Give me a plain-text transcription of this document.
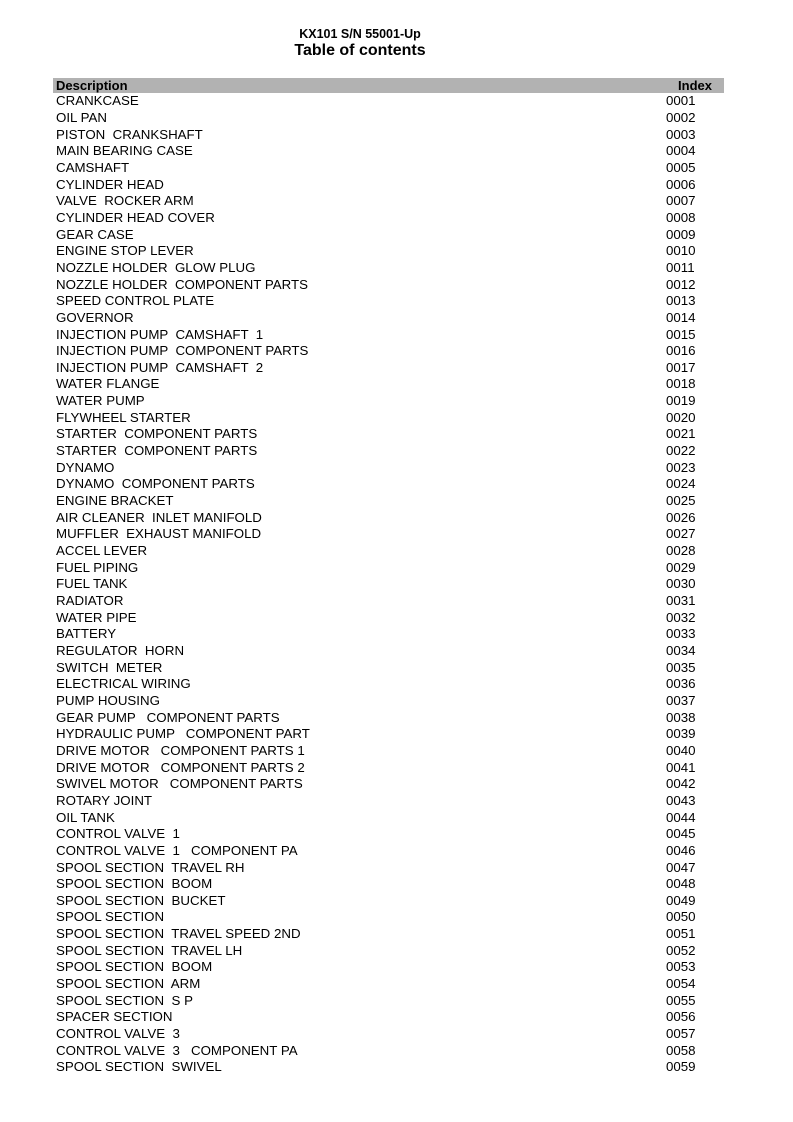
KX101 S/N 55001-Up
Table of contents
Description	Index
CRANKCASE	0001
OIL PAN	0002
PISTON  CRANKSHAFT	0003
MAIN BEARING CASE	0004
CAMSHAFT	0005
CYLINDER HEAD	0006
VALVE  ROCKER ARM	0007
CYLINDER HEAD COVER	0008
GEAR CASE	0009
ENGINE STOP LEVER	0010
NOZZLE HOLDER  GLOW PLUG	0011
NOZZLE HOLDER  COMPONENT PARTS	0012
SPEED CONTROL PLATE	0013
GOVERNOR	0014
INJECTION PUMP  CAMSHAFT  1	0015
INJECTION PUMP  COMPONENT PARTS	0016
INJECTION PUMP  CAMSHAFT  2	0017
WATER FLANGE	0018
WATER PUMP	0019
FLYWHEEL STARTER	0020
STARTER  COMPONENT PARTS	0021
STARTER  COMPONENT PARTS	0022
DYNAMO	0023
DYNAMO  COMPONENT PARTS	0024
ENGINE BRACKET	0025
AIR CLEANER  INLET MANIFOLD	0026
MUFFLER  EXHAUST MANIFOLD	0027
ACCEL LEVER	0028
FUEL PIPING	0029
FUEL TANK	0030
RADIATOR	0031
WATER PIPE	0032
BATTERY	0033
REGULATOR  HORN	0034
SWITCH  METER	0035
ELECTRICAL WIRING	0036
PUMP HOUSING	0037
GEAR PUMP   COMPONENT PARTS	0038
HYDRAULIC PUMP   COMPONENT PART	0039
DRIVE MOTOR   COMPONENT PARTS 1	0040
DRIVE MOTOR   COMPONENT PARTS 2	0041
SWIVEL MOTOR   COMPONENT PARTS	0042
ROTARY JOINT	0043
OIL TANK	0044
CONTROL VALVE  1	0045
CONTROL VALVE  1   COMPONENT PA	0046
SPOOL SECTION  TRAVEL RH	0047
SPOOL SECTION  BOOM	0048
SPOOL SECTION  BUCKET	0049
SPOOL SECTION	0050
SPOOL SECTION  TRAVEL SPEED 2ND	0051
SPOOL SECTION  TRAVEL LH	0052
SPOOL SECTION  BOOM	0053
SPOOL SECTION  ARM	0054
SPOOL SECTION  S P	0055
SPACER SECTION	0056
CONTROL VALVE  3	0057
CONTROL VALVE  3   COMPONENT PA	0058
SPOOL SECTION  SWIVEL	0059
